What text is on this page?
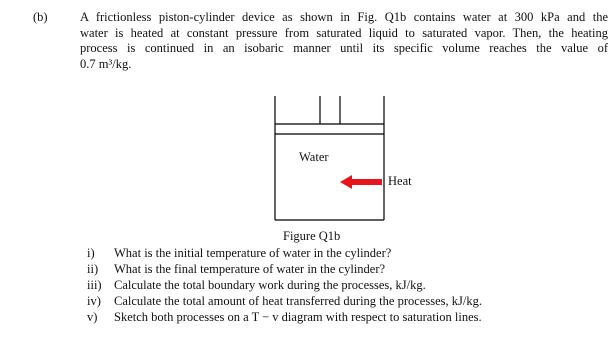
(b)	A frictionless piston-cylinder device as shown in Fig. Q1b contains water at 300 kPa and the
water is heated at constant pressure from saturated liquid to saturated vapor. Then, the heating
process is continued in an isobaric manner until its specific volume reaches the value of
0.7 m³/kg.
Water
Heat
Figure Q1b
i) What is the initial temperature of water in the cylinder?
ii) What is the final temperature of water in the cylinder?
iii) Calculate the total boundary work during the processes, kJ/kg.
iv) Calculate the total amount of heat transferred during the processes, kJ/kg.
v) Sketch both processes on a T − v diagram with respect to saturation lines.
